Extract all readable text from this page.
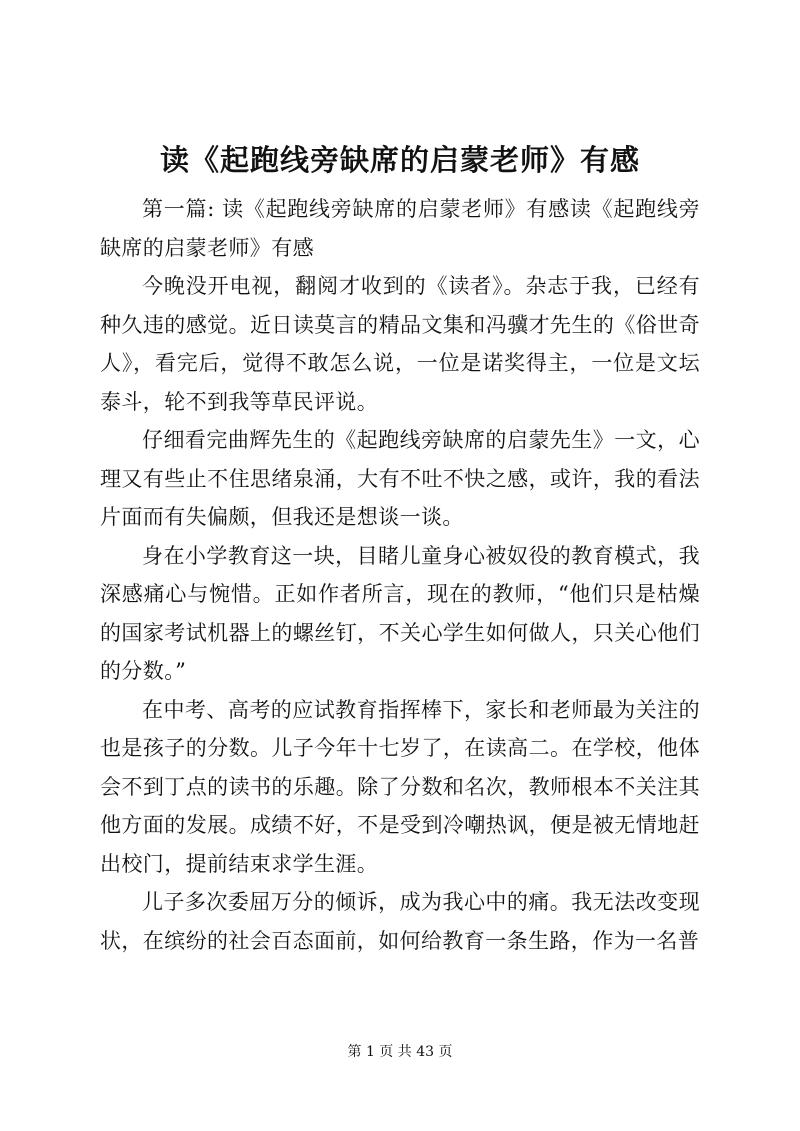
读《起跑线旁缺席的启蒙老师》有感

第一篇: 读《起跑线旁缺席的启蒙老师》有感读《起跑线旁缺席的启蒙老师》有感

今晚没开电视，翻阅才收到的《读者》。杂志于我，已经有种久违的感觉。近日读莫言的精品文集和冯骥才先生的《俗世奇人》，看完后，觉得不敢怎么说，一位是诺奖得主，一位是文坛泰斗，轮不到我等草民评说。

仔细看完曲辉先生的《起跑线旁缺席的启蒙先生》一文，心理又有些止不住思绪泉涌，大有不吐不快之感，或许，我的看法片面而有失偏颇，但我还是想谈一谈。

身在小学教育这一块，目睹儿童身心被奴役的教育模式，我深感痛心与惋惜。正如作者所言，现在的教师，“他们只是枯燥的国家考试机器上的螺丝钉，不关心学生如何做人，只关心他们的分数。”

在中考、高考的应试教育指挥棒下，家长和老师最为关注的也是孩子的分数。儿子今年十七岁了，在读高二。在学校，他体会不到丁点的读书的乐趣。除了分数和名次，教师根本不关注其他方面的发展。成绩不好，不是受到冷嘲热讽，便是被无情地赶出校门，提前结束求学生涯。

儿子多次委屈万分的倾诉，成为我心中的痛。我无法改变现状，在缤纷的社会百态面前，如何给教育一条生路，作为一名普

第 1 页 共 43 页
